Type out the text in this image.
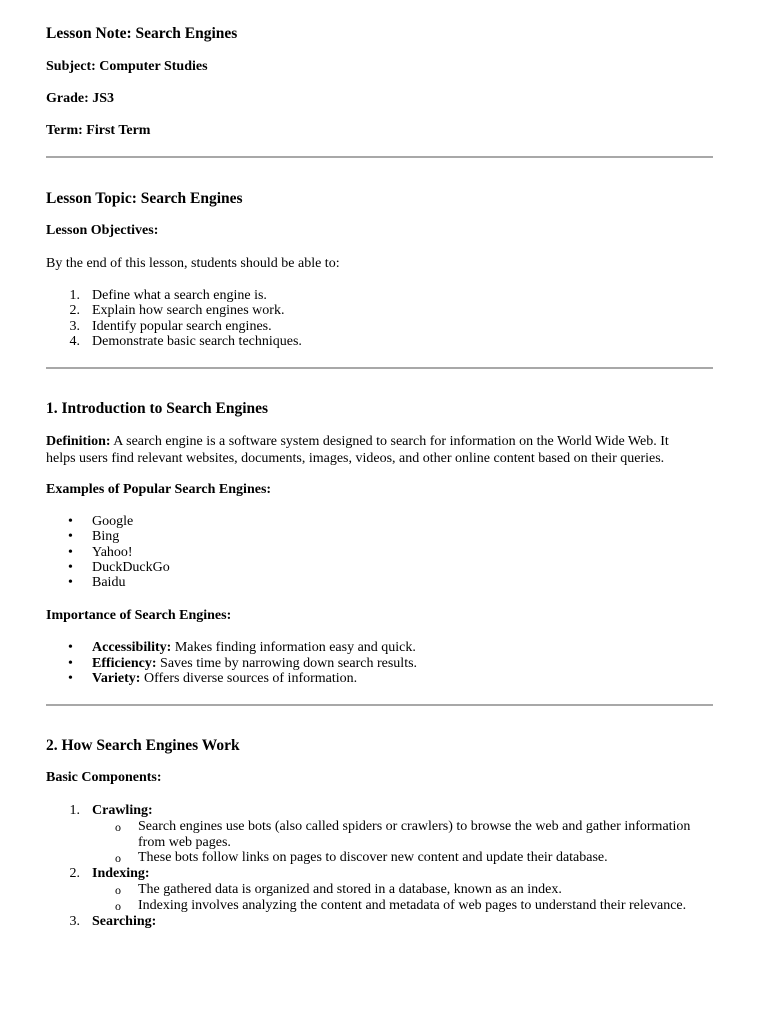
Lesson Note: Search Engines
Subject: Computer Studies
Grade: JS3
Term: First Term
Lesson Topic: Search Engines
Lesson Objectives:
By the end of this lesson, students should be able to:
1. Define what a search engine is.
2. Explain how search engines work.
3. Identify popular search engines.
4. Demonstrate basic search techniques.
1. Introduction to Search Engines
Definition: A search engine is a software system designed to search for information on the World Wide Web. It
helps users find relevant websites, documents, images, videos, and other online content based on their queries.
Examples of Popular Search Engines:
•	Google
•	Bing
•	Yahoo!
•	DuckDuckGo
•	Baidu
Importance of Search Engines:
•	Accessibility: Makes finding information easy and quick.
•	Efficiency: Saves time by narrowing down search results.
•	Variety: Offers diverse sources of information.
2. How Search Engines Work
Basic Components:
1. Crawling:
o Search engines use bots (also called spiders or crawlers) to browse the web and gather information from web pages.
o These bots follow links on pages to discover new content and update their database.
2. Indexing:
o The gathered data is organized and stored in a database, known as an index.
o Indexing involves analyzing the content and metadata of web pages to understand their relevance.
3. Searching:
